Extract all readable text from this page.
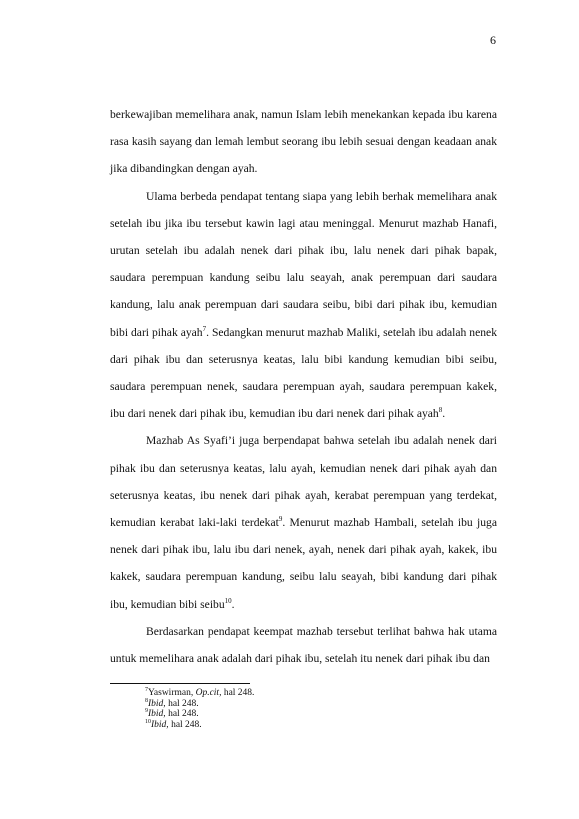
6

berkewajiban memelihara anak, namun Islam lebih menekankan kepada ibu karena rasa kasih sayang dan lemah lembut seorang ibu lebih sesuai dengan keadaan anak jika dibandingkan dengan ayah.

Ulama berbeda pendapat tentang siapa yang lebih berhak memelihara anak setelah ibu jika ibu tersebut kawin lagi atau meninggal. Menurut mazhab Hanafi, urutan setelah ibu adalah nenek dari pihak ibu, lalu nenek dari pihak bapak, saudara perempuan kandung seibu lalu seayah, anak perempuan dari saudara kandung, lalu anak perempuan dari saudara seibu, bibi dari pihak ibu, kemudian bibi dari pihak ayah$^7$. Sedangkan menurut mazhab Maliki, setelah ibu adalah nenek dari pihak ibu dan seterusnya keatas, lalu bibi kandung kemudian bibi seibu, saudara perempuan nenek, saudara perempuan ayah, saudara perempuan kakek, ibu dari nenek dari pihak ibu, kemudian ibu dari nenek dari pihak ayah$^8$.

Mazhab As Syafi’i juga berpendapat bahwa setelah ibu adalah nenek dari pihak ibu dan seterusnya keatas, lalu ayah, kemudian nenek dari pihak ayah dan seterusnya keatas, ibu nenek dari pihak ayah, kerabat perempuan yang terdekat, kemudian kerabat laki-laki terdekat$^9$. Menurut mazhab Hambali, setelah ibu juga nenek dari pihak ibu, lalu ibu dari nenek, ayah, nenek dari pihak ayah, kakek, ibu kakek, saudara perempuan kandung, seibu lalu seayah, bibi kandung dari pihak ibu, kemudian bibi seibu$^{10}$.

Berdasarkan pendapat keempat mazhab tersebut terlihat bahwa hak utama untuk memelihara anak adalah dari pihak ibu, setelah itu nenek dari pihak ibu dan

$^7$Yaswirman, Op.cit, hal 248.
$^8$Ibid, hal 248.
$^9$Ibid, hal 248.
$^{10}$Ibid, hal 248.
